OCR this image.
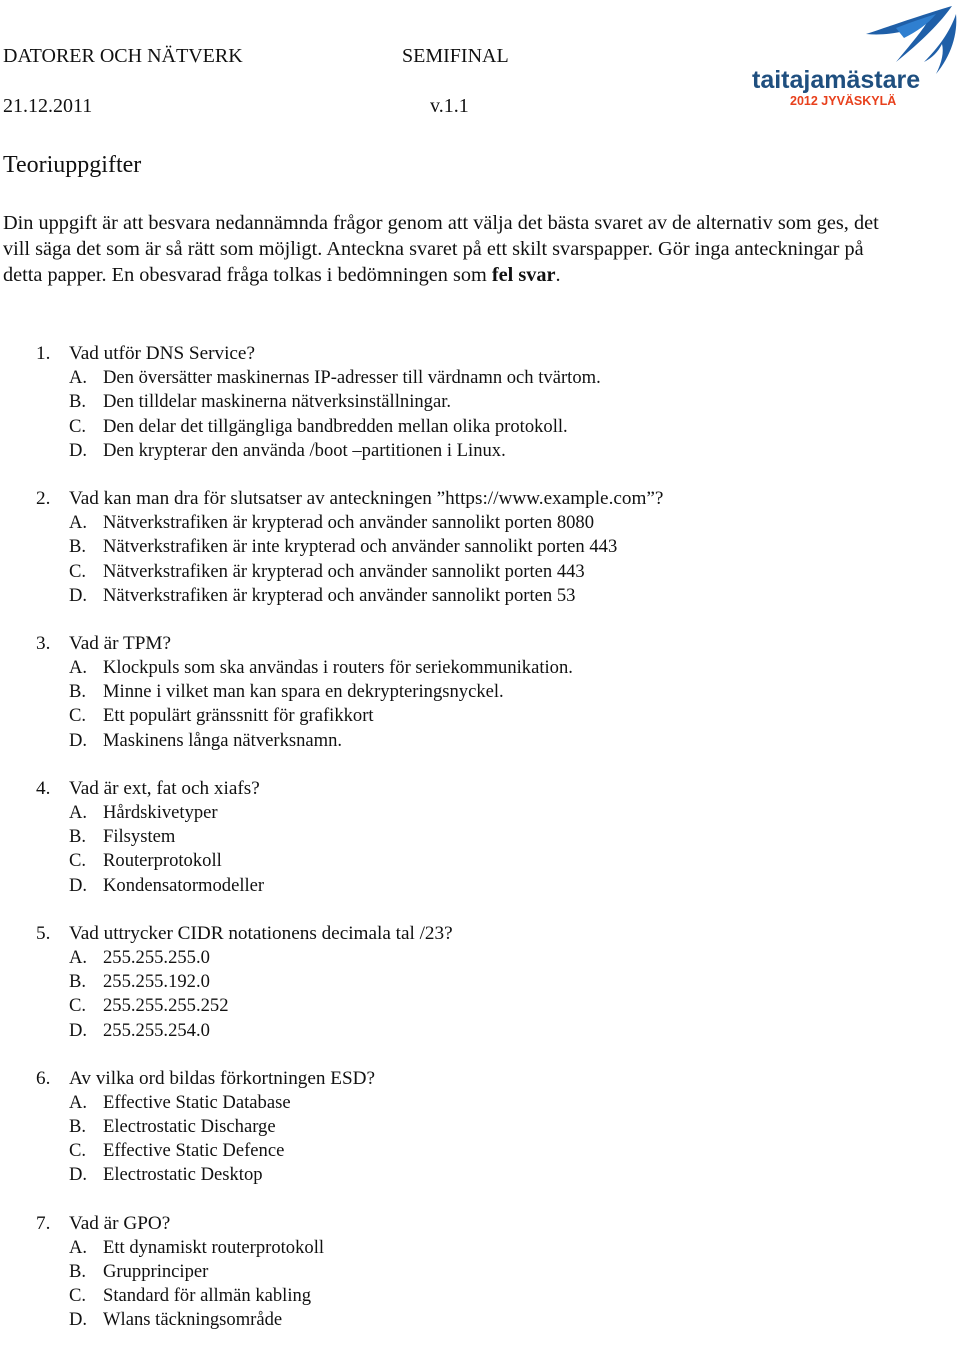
DATORER OCH NÄTVERK	SEMIFINAL
21.12.2011	v.1.1
taitajamästare
2012 JYVÄSKYLÄ
Teoriuppgifter
Din uppgift är att besvara nedannämnda frågor genom att välja det bästa svaret av de alternativ som ges, det vill säga det som är så rätt som möjligt. Anteckna svaret på ett skilt svarspapper. Gör inga anteckningar på detta papper. En obesvarad fråga tolkas i bedömningen som fel svar.
1. Vad utför DNS Service?
A. Den översätter maskinernas IP-adresser till värdnamn och tvärtom.
B. Den tilldelar maskinerna nätverksinställningar.
C. Den delar det tillgängliga bandbredden mellan olika protokoll.
D. Den krypterar den använda /boot –partitionen i Linux.
2. Vad kan man dra för slutsatser av anteckningen ”https://www.example.com”?
A. Nätverkstrafiken är krypterad och använder sannolikt porten 8080
B. Nätverkstrafiken är inte krypterad och använder sannolikt porten 443
C. Nätverkstrafiken är krypterad och använder sannolikt porten 443
D. Nätverkstrafiken är krypterad och använder sannolikt porten 53
3. Vad är TPM?
A. Klockpuls som ska användas i routers för seriekommunikation.
B. Minne i vilket man kan spara en dekrypteringsnyckel.
C. Ett populärt gränssnitt för grafikkort
D. Maskinens långa nätverksnamn.
4. Vad är ext, fat och xiafs?
A. Hårdskivetyper
B. Filsystem
C. Routerprotokoll
D. Kondensatormodeller
5. Vad uttrycker CIDR notationens decimala tal /23?
A. 255.255.255.0
B. 255.255.192.0
C. 255.255.255.252
D. 255.255.254.0
6. Av vilka ord bildas förkortningen ESD?
A. Effective Static Database
B. Electrostatic Discharge
C. Effective Static Defence
D. Electrostatic Desktop
7. Vad är GPO?
A. Ett dynamiskt routerprotokoll
B. Grupprinciper
C. Standard för allmän kabling
D. Wlans täckningsområde
